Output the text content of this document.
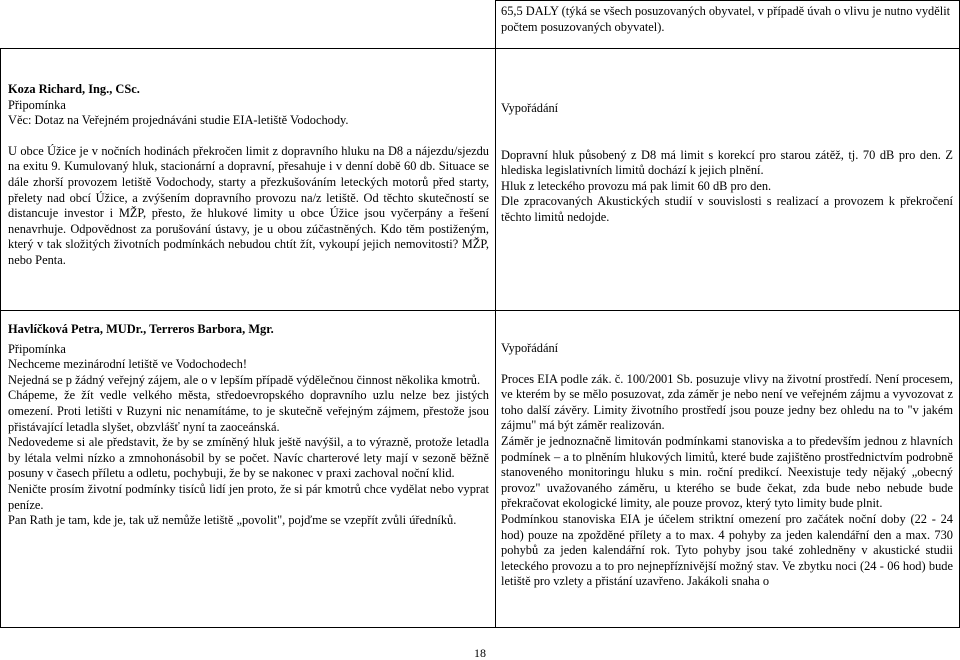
65,5 DALY (týká se všech posuzovaných obyvatel, v případě úvah o vlivu je nutno vydělit počtem posuzovaných obyvatel).

Koza Richard, Ing., CSc.

Připomínka

Věc: Dotaz na Veřejném projednáváni studie EIA-letiště Vodochody.

U obce Úžice je v nočních hodinách překročen limit z dopravního hluku na D8 a nájezdu/sjezdu na exitu 9. Kumulovaný hluk, stacionární a dopravní, přesahuje i v denní době 60 db. Situace se dále zhorší provozem letiště Vodochody, starty a přezkušováním leteckých motorů před starty, přelety nad obcí Úžice, a zvýšením dopravního provozu na/z letiště. Od těchto skutečností se distancuje investor i MŽP, přesto, že hlukové limity u obce Úžice jsou vyčerpány a řešení nenavrhuje. Odpovědnost za porušování ústavy, je u obou zúčastněných. Kdo těm postiženým, který v tak složitých životních podmínkách nebudou chtít žít, vykoupí jejich nemovitosti? MŽP, nebo Penta.

Vypořádání

Dopravní hluk působený z D8 má limit s korekcí pro starou zátěž, tj. 70 dB pro den. Z hlediska legislativních limitů dochází k jejich plnění.

Hluk z leteckého provozu má pak limit 60 dB pro den.

Dle zpracovaných Akustických studií v souvislosti s realizací a provozem k překročení těchto limitů nedojde.

Havlíčková Petra, MUDr., Terreros Barbora, Mgr.

Připomínka

Nechceme mezinárodní letiště ve Vodochodech!

Nejedná se p žádný veřejný zájem, ale o v lepším případě výdělečnou činnost několika kmotrů.

Chápeme, že žít vedle velkého města, středoevropského dopravního uzlu nelze bez jistých omezení. Proti letišti v Ruzyni nic nenamítáme, to je skutečně veřejným zájmem, přestože jsou přistávající letadla slyšet, obzvlášť nyní ta zaoceánská.

Nedovedeme si ale představit, že by se zmíněný hluk ještě navýšil, a to výrazně, protože letadla by létala velmi nízko a zmnohonásobil by se počet. Navíc charterové lety mají v sezoně běžně posuny v časech příletu a odletu, pochybuji, že by se nakonec v praxi zachoval noční klid.

Neničte prosím životní podmínky tisíců lidí jen proto, že si pár kmotrů chce vydělat nebo vyprat peníze.

Pan Rath je tam, kde je, tak už nemůže letiště „povolit", pojďme se vzepřít zvůli úředníků.

Vypořádání

Proces EIA podle zák. č. 100/2001 Sb. posuzuje vlivy na životní prostředí. Není procesem, ve kterém by se mělo posuzovat, zda záměr je nebo není ve veřejném zájmu a vyvozovat z toho další závěry. Limity životního prostředí jsou pouze jedny bez ohledu na to "v jakém zájmu" má být záměr realizován.

Záměr je jednoznačně limitován podmínkami stanoviska a to především jednou z hlavních podmínek – a to plněním hlukových limitů, které bude zajištěno prostřednictvím podrobně stanoveného monitoringu hluku s min. roční predikcí. Neexistuje tedy nějaký „obecný provoz" uvažovaného záměru, u kterého se bude čekat, zda bude nebo nebude bude překračovat ekologické limity, ale pouze provoz, který tyto limity bude plnit.

Podmínkou stanoviska EIA je účelem striktní omezení pro začátek noční doby (22 - 24 hod) pouze na zpožděné přílety a to max. 4 pohyby za jeden kalendářní den a max. 730 pohybů za jeden kalendářní rok. Tyto pohyby jsou také zohledněny v akustické studii leteckého provozu a to pro nejnepříznivější možný stav. Ve zbytku noci (24 - 06 hod) bude letiště pro vzlety a přistání uzavřeno. Jakákoli snaha o

18
